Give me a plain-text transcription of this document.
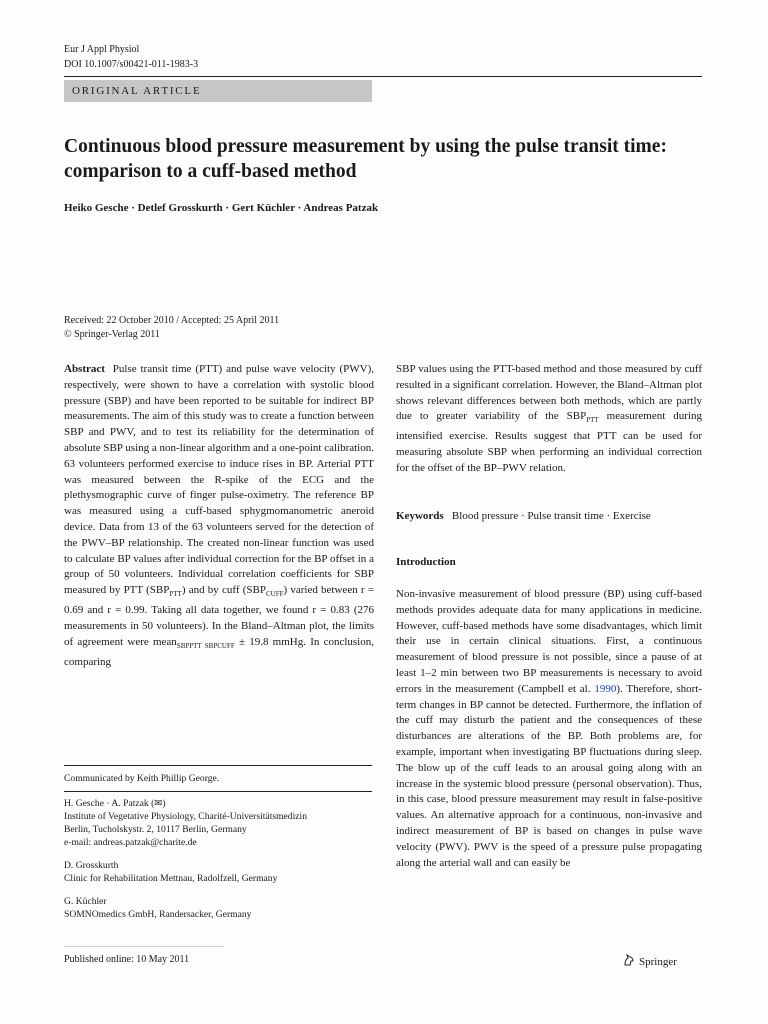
Eur J Appl Physiol
DOI 10.1007/s00421-011-1983-3
ORIGINAL ARTICLE
Continuous blood pressure measurement by using the pulse transit time: comparison to a cuff-based method
Heiko Gesche · Detlef Grosskurth · Gert Küchler · Andreas Patzak
Received: 22 October 2010 / Accepted: 25 April 2011
© Springer-Verlag 2011
Abstract Pulse transit time (PTT) and pulse wave velocity (PWV), respectively, were shown to have a correlation with systolic blood pressure (SBP) and have been reported to be suitable for indirect BP measurements. The aim of this study was to create a function between SBP and PWV, and to test its reliability for the determination of absolute SBP using a non-linear algorithm and a one-point calibration. 63 volunteers performed exercise to induce rises in BP. Arterial PTT was measured between the R-spike of the ECG and the plethysmographic curve of finger pulse-oximetry. The reference BP was measured using a cuff-based sphygmomanometric aneroid device. Data from 13 of the 63 volunteers served for the detection of the PWV–BP relationship. The created non-linear function was used to calculate BP values after individual correction for the BP offset in a group of 50 volunteers. Individual correlation coefficients for SBP measured by PTT $(SBP_{PTT})$ and by cuff $(SBP_{CUFF})$ varied between r = 0.69 and r = 0.99. Taking all data together, we found r = 0.83 (276 measurements in 50 volunteers). In the Bland–Altman plot, the limits of agreement were mean$_{SBPPTT SBPCUFF}$ ± 19.8 mmHg. In conclusion, comparing
SBP values using the PTT-based method and those measured by cuff resulted in a significant correlation. However, the Bland–Altman plot shows relevant differences between both methods, which are partly due to greater variability of the $SBP_{PTT}$ measurement during intensified exercise. Results suggest that PTT can be used for measuring absolute SBP when performing an individual correction for the offset of the BP–PWV relation.
Keywords Blood pressure · Pulse transit time · Exercise
Introduction
Non-invasive measurement of blood pressure (BP) using cuff-based methods provides adequate data for many applications in medicine. However, cuff-based methods have some disadvantages, which limit their use in certain clinical situations. First, a continuous measurement of blood pressure is not possible, since a pause of at least 1–2 min between two BP measurements is necessary to avoid errors in the measurement (Campbell et al. 1990). Therefore, short-term changes in BP cannot be detected. Furthermore, the inflation of the cuff may disturb the patient and the consequences of these disturbances are alterations of the BP. Both problems are, for example, important when investigating BP fluctuations during sleep. The blow up of the cuff leads to an arousal going along with an increase in the systemic blood pressure (personal observation). Thus, in this case, blood pressure measurement may result in false-positive values. An alternative approach for a continuous, non-invasive and indirect measurement of BP is based on changes in pulse wave velocity (PWV). PWV is the speed of a pressure pulse propagating along the arterial wall and can easily be
Communicated by Keith Phillip George.

H. Gesche · A. Patzak (✉)

Institute of Vegetative Physiology, Charité-Universitätsmedizin

Berlin, Tucholskystr. 2, 10117 Berlin, Germany

e-mail: andreas.patzak@charite.de

D. Grosskurth

Clinic for Rehabilitation Mettnau, Radolfzell, Germany

G. Küchler

SOMNOmedics GmbH, Randersacker, Germany

Published online: 10 May 2011	Springer
